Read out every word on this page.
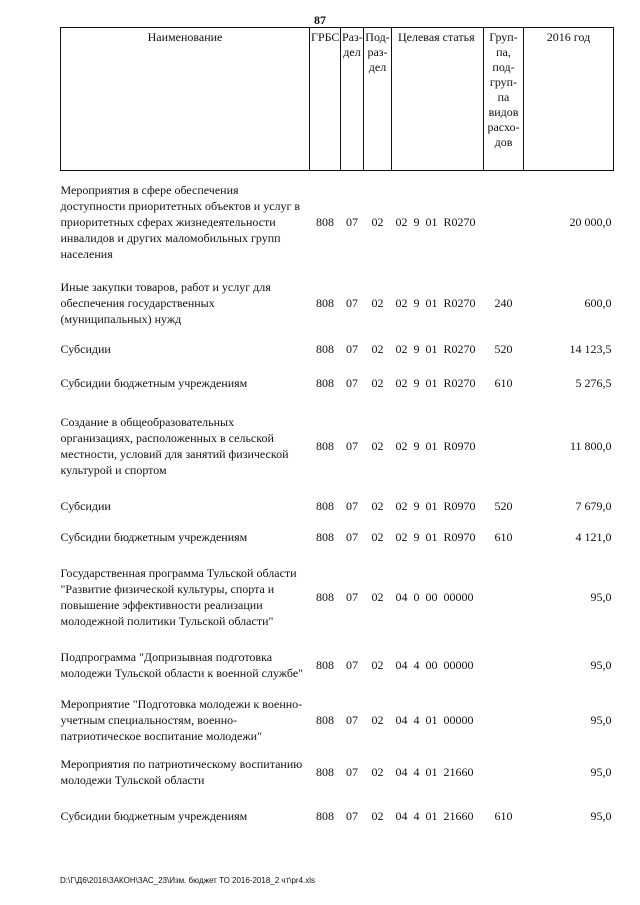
87
Наименование	ГРБС	Раз-дел	Под-раз-дел	Целевая статья	Груп-па, под-груп-па видов расхо-дов	2016 год
Мероприятия в сфере обеспечения доступности приоритетных объектов и услуг в приоритетных сферах жизнедеятельности инвалидов и других маломобильных групп населения	808	07	02	02  9  01  R0270		20 000,0
Иные закупки товаров, работ и услуг для обеспечения государственных (муниципальных) нужд	808	07	02	02  9  01  R0270	240	600,0
Субсидии	808	07	02	02  9  01  R0270	520	14 123,5
Субсидии бюджетным учреждениям	808	07	02	02  9  01  R0270	610	5 276,5
Создание в общеобразовательных организациях, расположенных в сельской местности, условий для занятий физической культурой и спортом	808	07	02	02  9  01  R0970		11 800,0
Субсидии	808	07	02	02  9  01  R0970	520	7 679,0
Субсидии бюджетным учреждениям	808	07	02	02  9  01  R0970	610	4 121,0
Государственная программа Тульской области "Развитие физической культуры, спорта и повышение эффективности реализации молодежной политики Тульской области"	808	07	02	04  0  00  00000		95,0
Подпрограмма "Допризывная подготовка молодежи Тульской области к военной службе"	808	07	02	04  4  00  00000		95,0
Мероприятие "Подготовка молодежи к военно-учетным специальностям, военно-патриотическое воспитание молодежи"	808	07	02	04  4  01  00000		95,0
Мероприятия по патриотическому воспитанию молодежи Тульской области	808	07	02	04  4  01  21660		95,0
Субсидии бюджетным учреждениям	808	07	02	04  4  01  21660	610	95,0
D:\Г\Д6\2016\ЗАКОН\ЗАС_23\Изм. бюджет ТО 2016-2018_2 чт\pr4.xls
